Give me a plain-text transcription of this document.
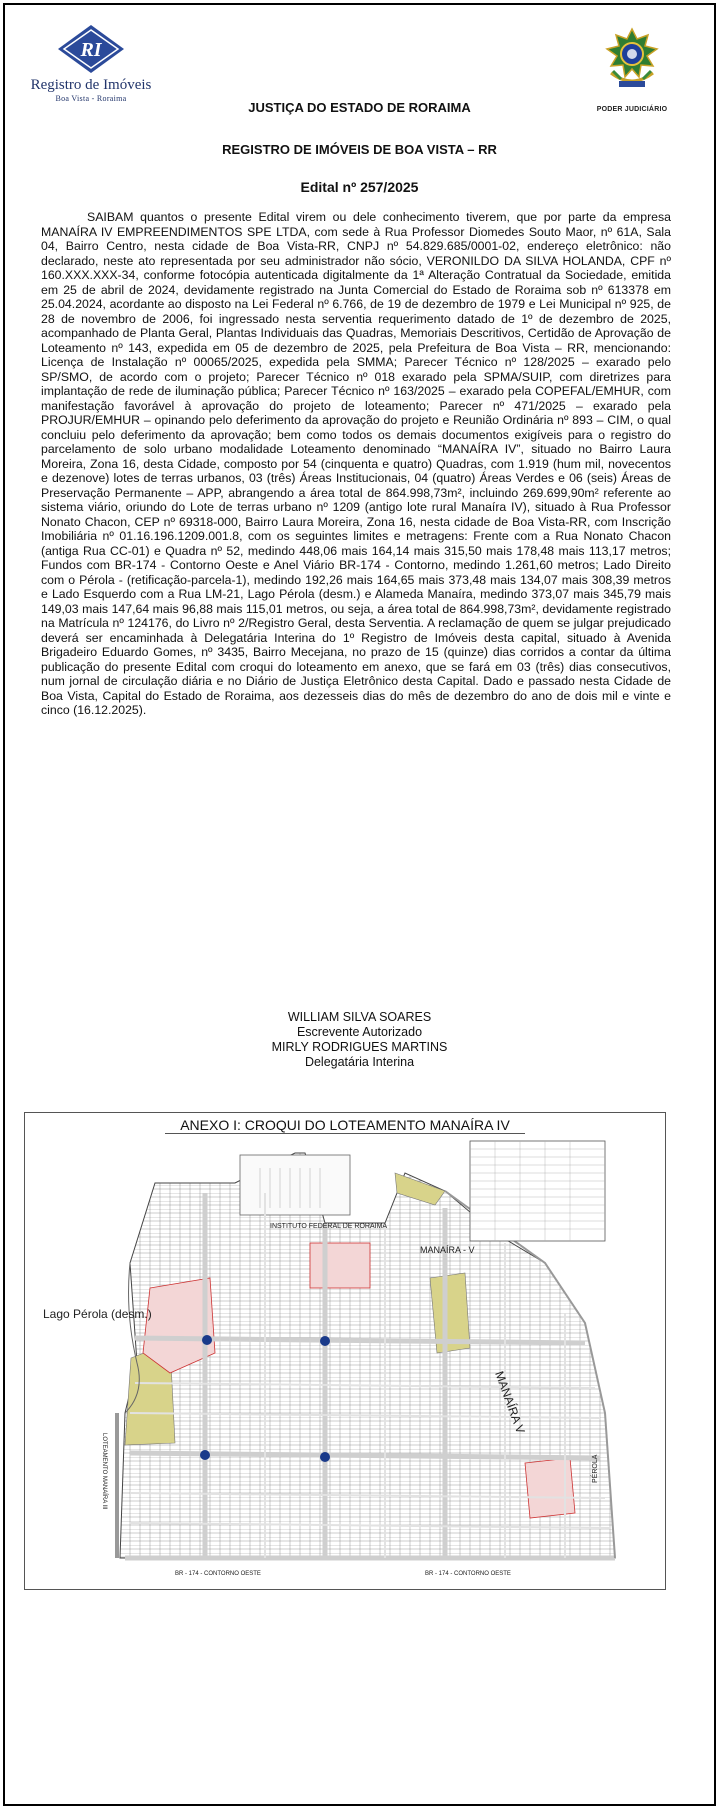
RI
Registro de Imóveis
Boa Vista - Roraima
PODER JUDICIÁRIO
JUSTIÇA DO ESTADO DE RORAIMA
REGISTRO DE IMÓVEIS DE BOA VISTA – RR
Edital nº 257/2025
SAIBAM quantos o presente Edital virem ou dele conhecimento tiverem, que por parte da empresa MANAÍRA IV EMPREENDIMENTOS SPE LTDA, com sede à Rua Professor Diomedes Souto Maor, nº 61A, Sala 04, Bairro Centro, nesta cidade de Boa Vista-RR, CNPJ nº 54.829.685/0001-02, endereço eletrônico: não declarado, neste ato representada por seu administrador não sócio, VERONILDO DA SILVA HOLANDA, CPF nº 160.XXX.XXX-34, conforme fotocópia autenticada digitalmente da 1ª Alteração Contratual da Sociedade, emitida em 25 de abril de 2024, devidamente registrado na Junta Comercial do Estado de Roraima sob nº 613378 em 25.04.2024, acordante ao disposto na Lei Federal nº 6.766, de 19 de dezembro de 1979 e Lei Municipal nº 925, de 28 de novembro de 2006, foi ingressado nesta serventia requerimento datado de 1º de dezembro de 2025, acompanhado de Planta Geral, Plantas Individuais das Quadras, Memoriais Descritivos, Certidão de Aprovação de Loteamento nº 143, expedida em 05 de dezembro de 2025, pela Prefeitura de Boa Vista – RR, mencionando: Licença de Instalação nº 00065/2025, expedida pela SMMA; Parecer Técnico nº 128/2025 – exarado pelo SP/SMO, de acordo com o projeto; Parecer Técnico nº 018 exarado pela SPMA/SUIP, com diretrizes para implantação de rede de iluminação pública; Parecer Técnico nº 163/2025 – exarado pela COPEFAL/EMHUR, com manifestação favorável à aprovação do projeto de loteamento; Parecer nº 471/2025 – exarado pela PROJUR/EMHUR – opinando pelo deferimento da aprovação do projeto e Reunião Ordinária nº 893 – CIM, o qual concluiu pelo deferimento da aprovação; bem como todos os demais documentos exigíveis para o registro do parcelamento de solo urbano modalidade Loteamento denominado “MANAÍRA IV”, situado no Bairro Laura Moreira, Zona 16, desta Cidade, composto por 54 (cinquenta e quatro) Quadras, com 1.919 (hum mil, novecentos e dezenove) lotes de terras urbanos, 03 (três) Áreas Institucionais, 04 (quatro) Áreas Verdes e 06 (seis) Áreas de Preservação Permanente – APP, abrangendo a área total de 864.998,73m², incluindo 269.699,90m² referente ao sistema viário, oriundo do Lote de terras urbano nº 1209 (antigo lote rural Manaíra IV), situado à Rua Professor Nonato Chacon, CEP nº 69318-000, Bairro Laura Moreira, Zona 16, nesta cidade de Boa Vista-RR, com Inscrição Imobiliária nº 01.16.196.1209.001.8, com os seguintes limites e metragens: Frente com a Rua Nonato Chacon (antiga Rua CC-01) e Quadra nº 52, medindo 448,06 mais 164,14 mais 315,50 mais 178,48 mais 113,17 metros; Fundos com BR-174 - Contorno Oeste e Anel Viário BR-174 - Contorno, medindo 1.261,60 metros; Lado Direito com o Pérola - (retificação-parcela-1), medindo 192,26 mais 164,65 mais 373,48 mais 134,07 mais 308,39 metros e Lado Esquerdo com a Rua LM-21, Lago Pérola (desm.) e Alameda Manaíra, medindo 373,07 mais 345,79 mais 149,03 mais 147,64 mais 96,88 mais 115,01 metros, ou seja, a área total de 864.998,73m², devidamente registrado na Matrícula nº 124176, do Livro nº 2/Registro Geral, desta Serventia. A reclamação de quem se julgar prejudicado deverá ser encaminhada à Delegatária Interina do 1º Registro de Imóveis desta capital, situado à Avenida Brigadeiro Eduardo Gomes, nº 3435, Bairro Mecejana, no prazo de 15 (quinze) dias corridos a contar da última publicação do presente Edital com croqui do loteamento em anexo, que se fará em 03 (três) dias consecutivos, num jornal de circulação diária e no Diário de Justiça Eletrônico desta Capital. Dado e passado nesta Cidade de Boa Vista, Capital do Estado de Roraima, aos dezesseis dias do mês de dezembro do ano de dois mil e vinte e cinco (16.12.2025).
WILLIAM SILVA SOARES
Escrevente Autorizado
MIRLY RODRIGUES MARTINS
Delegatária Interina
INSTITUTO FEDERAL DE RORAIMA
MANAÍRA - V
MANAÍRA V
Lago Pérola (desm.)
LOTEAMENTO MANAÍRA III	PÉROLA
BR - 174 - CONTORNO OESTE	BR - 174 - CONTORNO OESTE
ANEXO I: CROQUI DO LOTEAMENTO MANAÍRA IV
